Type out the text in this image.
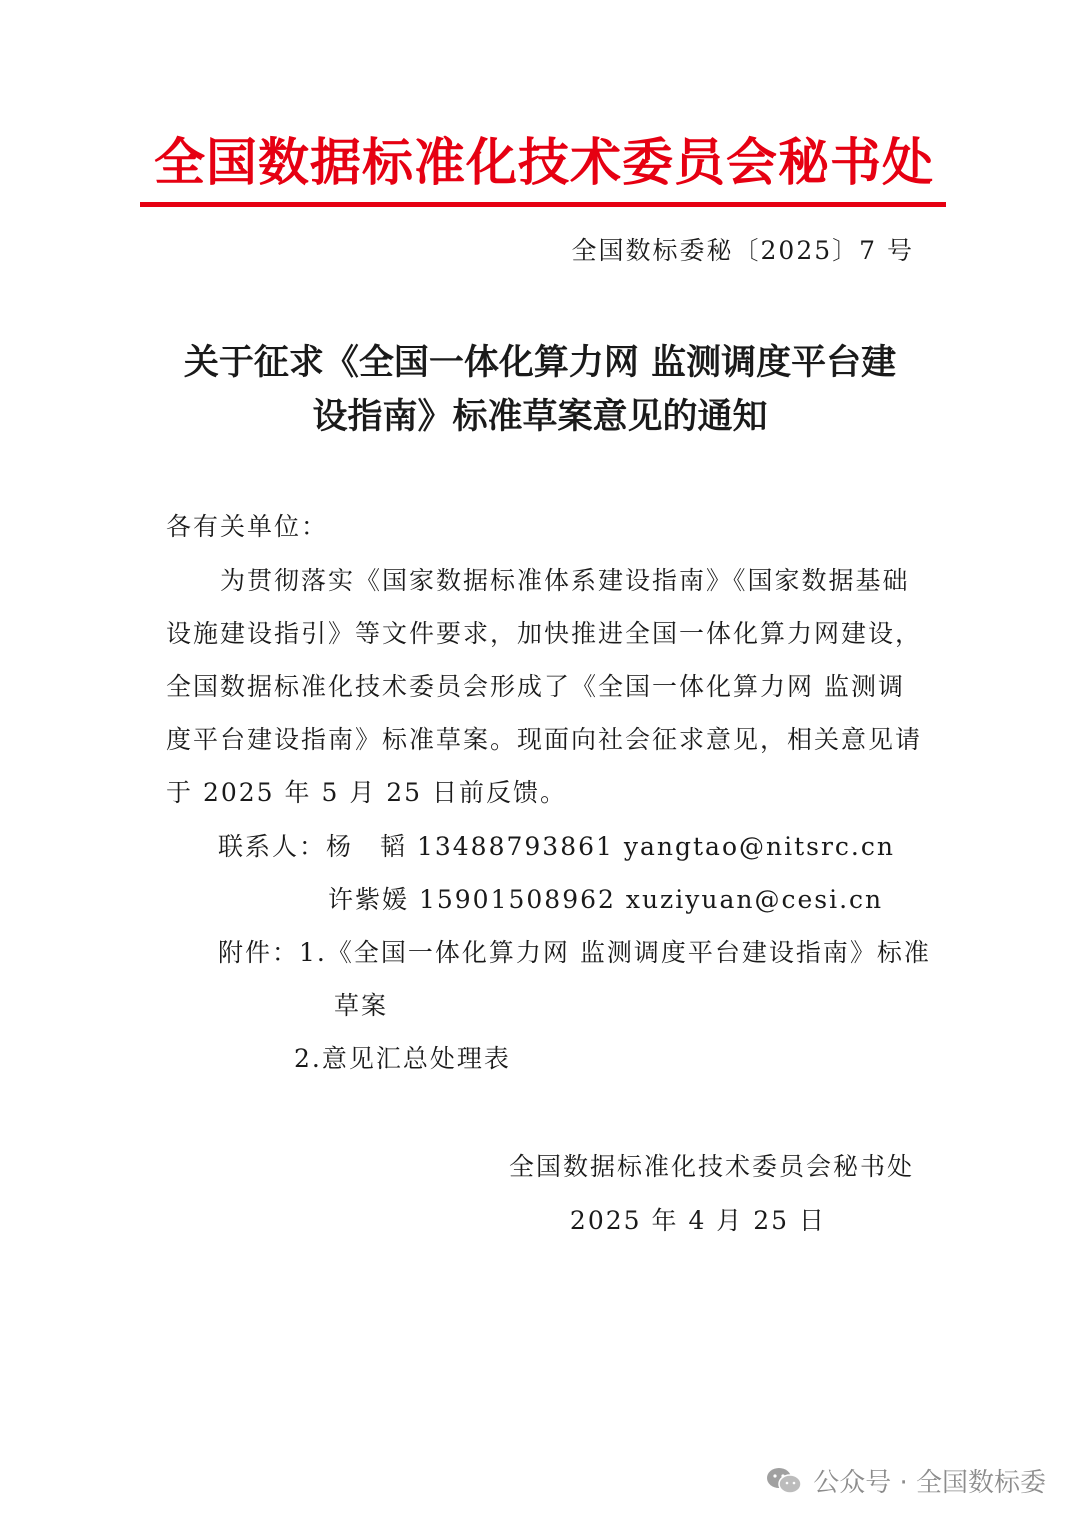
全国数据标准化技术委员会秘书处
全国数标委秘〔2025〕7 号
关于征求《全国一体化算力网 监测调度平台建
设指南》标准草案意见的通知
各有关单位：
　　为贯彻落实《国家数据标准体系建设指南》《国家数据基础
设施建设指引》等文件要求，加快推进全国一体化算力网建设，
全国数据标准化技术委员会形成了《全国一体化算力网 监测调
度平台建设指南》标准草案。现面向社会征求意见，相关意见请
于 2025 年 5 月 25 日前反馈。
联系人：杨　韬 13488793861 yangtao@nitsrc.cn
许紫媛 15901508962 xuziyuan@cesi.cn
附件：1.《全国一体化算力网 监测调度平台建设指南》标准
草案
2.意见汇总处理表
全国数据标准化技术委员会秘书处
2025 年 4 月 25 日
公众号 · 全国数标委
